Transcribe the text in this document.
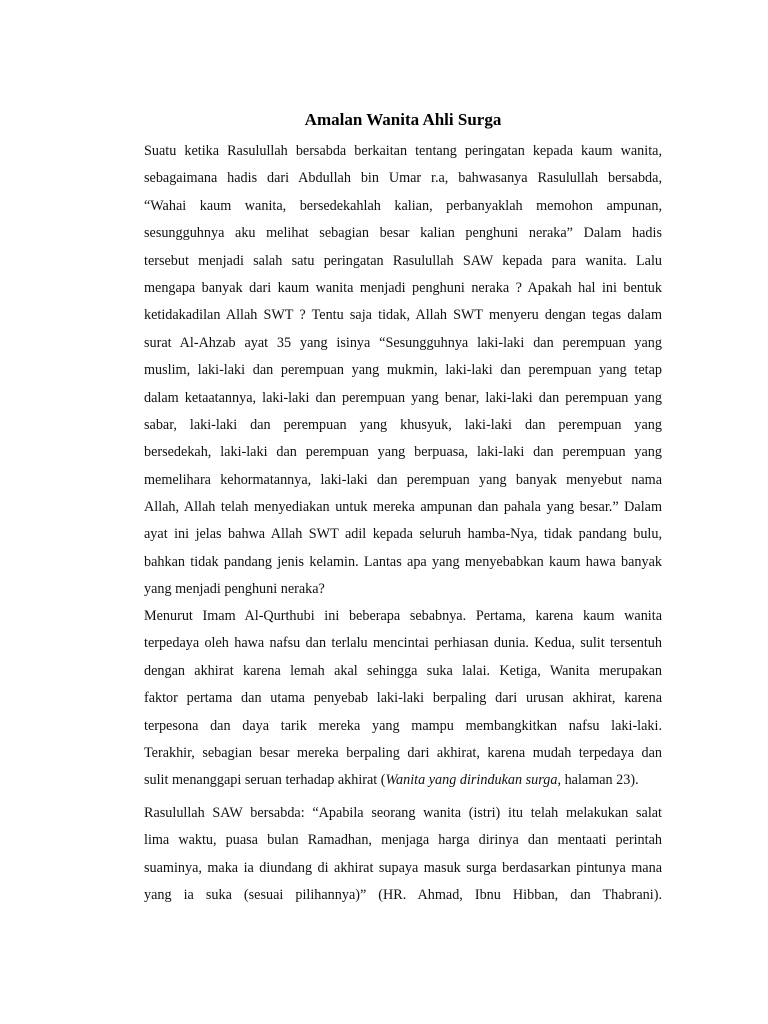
Amalan Wanita Ahli Surga
Suatu ketika Rasulullah bersabda berkaitan tentang peringatan kepada kaum wanita,
sebagaimana hadis dari Abdullah bin Umar r.a, bahwasanya Rasulullah bersabda,
“Wahai kaum wanita, bersedekahlah kalian, perbanyaklah memohon ampunan,
sesungguhnya aku melihat sebagian besar kalian penghuni neraka” Dalam hadis
tersebut menjadi salah satu peringatan Rasulullah SAW kepada para wanita. Lalu
mengapa banyak dari kaum wanita menjadi penghuni neraka ? Apakah hal ini bentuk
ketidakadilan Allah SWT ? Tentu saja tidak, Allah SWT menyeru dengan tegas dalam
surat Al-Ahzab ayat 35 yang isinya “Sesungguhnya laki-laki dan perempuan yang
muslim, laki-laki dan perempuan yang mukmin, laki-laki dan perempuan yang tetap
dalam ketaatannya, laki-laki dan perempuan yang benar, laki-laki dan perempuan yang
sabar, laki-laki dan perempuan yang khusyuk, laki-laki dan perempuan yang
bersedekah, laki-laki dan perempuan yang berpuasa, laki-laki dan perempuan yang
memelihara kehormatannya, laki-laki dan perempuan yang banyak menyebut nama
Allah, Allah telah menyediakan untuk mereka ampunan dan pahala yang besar.” Dalam
ayat ini jelas bahwa Allah SWT adil kepada seluruh hamba-Nya, tidak pandang bulu,
bahkan tidak pandang jenis kelamin. Lantas apa yang menyebabkan kaum hawa banyak
yang menjadi penghuni neraka?
Menurut Imam Al-Qurthubi ini beberapa sebabnya. Pertama, karena kaum wanita
terpedaya oleh hawa nafsu dan terlalu mencintai perhiasan dunia. Kedua, sulit tersentuh
dengan akhirat karena lemah akal sehingga suka lalai. Ketiga, Wanita merupakan
faktor pertama dan utama penyebab laki-laki berpaling dari urusan akhirat, karena
terpesona dan daya tarik mereka yang mampu membangkitkan nafsu laki-laki.
Terakhir, sebagian besar mereka berpaling dari akhirat, karena mudah terpedaya dan
sulit menanggapi seruan terhadap akhirat (Wanita yang dirindukan surga, halaman 23).
Rasulullah SAW bersabda: “Apabila seorang wanita (istri) itu telah melakukan salat
lima waktu, puasa bulan Ramadhan, menjaga harga dirinya dan mentaati perintah
suaminya, maka ia diundang di akhirat supaya masuk surga berdasarkan pintunya mana
yang ia suka (sesuai pilihannya)” (HR. Ahmad, Ibnu Hibban, dan Thabrani).
